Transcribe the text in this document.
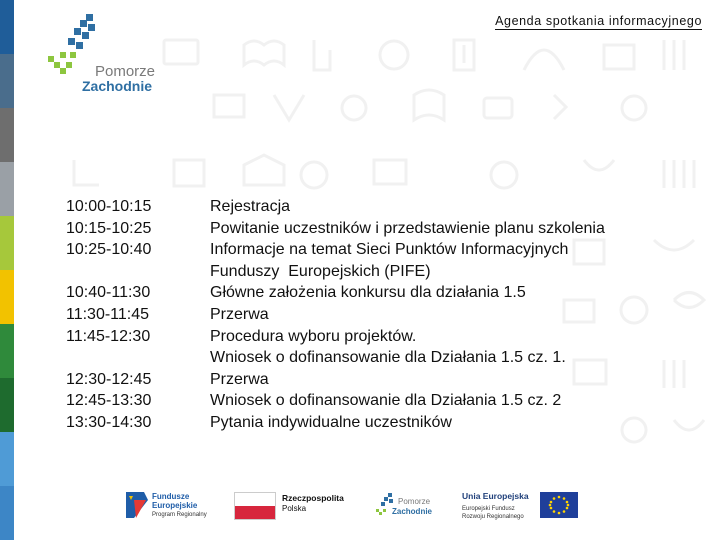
Agenda spotkania informacyjnego
Pomorze
Zachodnie
10:00-10:15
10:15-10:25
10:25-10:40
10:40-11:30
11:30-11:45
11:45-12:30
12:30-12:45
12:45-13:30
13:30-14:30
Rejestracja
Powitanie uczestników i przedstawienie planu szkolenia
Informacje na temat Sieci Punktów Informacyjnych
Funduszy  Europejskich (PIFE)
Główne założenia konkursu dla działania 1.5
Przerwa
Procedura wyboru projektów.
Wniosek o dofinansowanie dla Działania 1.5 cz. 1.
Przerwa
Wniosek o dofinansowanie dla Działania 1.5 cz. 2
Pytania indywidualne uczestników
Fundusze
Europejskie
Program Regionalny
Rzeczpospolita
Polska
Pomorze
Zachodnie
Unia Europejska
Europejski Fundusz
Rozwoju Regionalnego
